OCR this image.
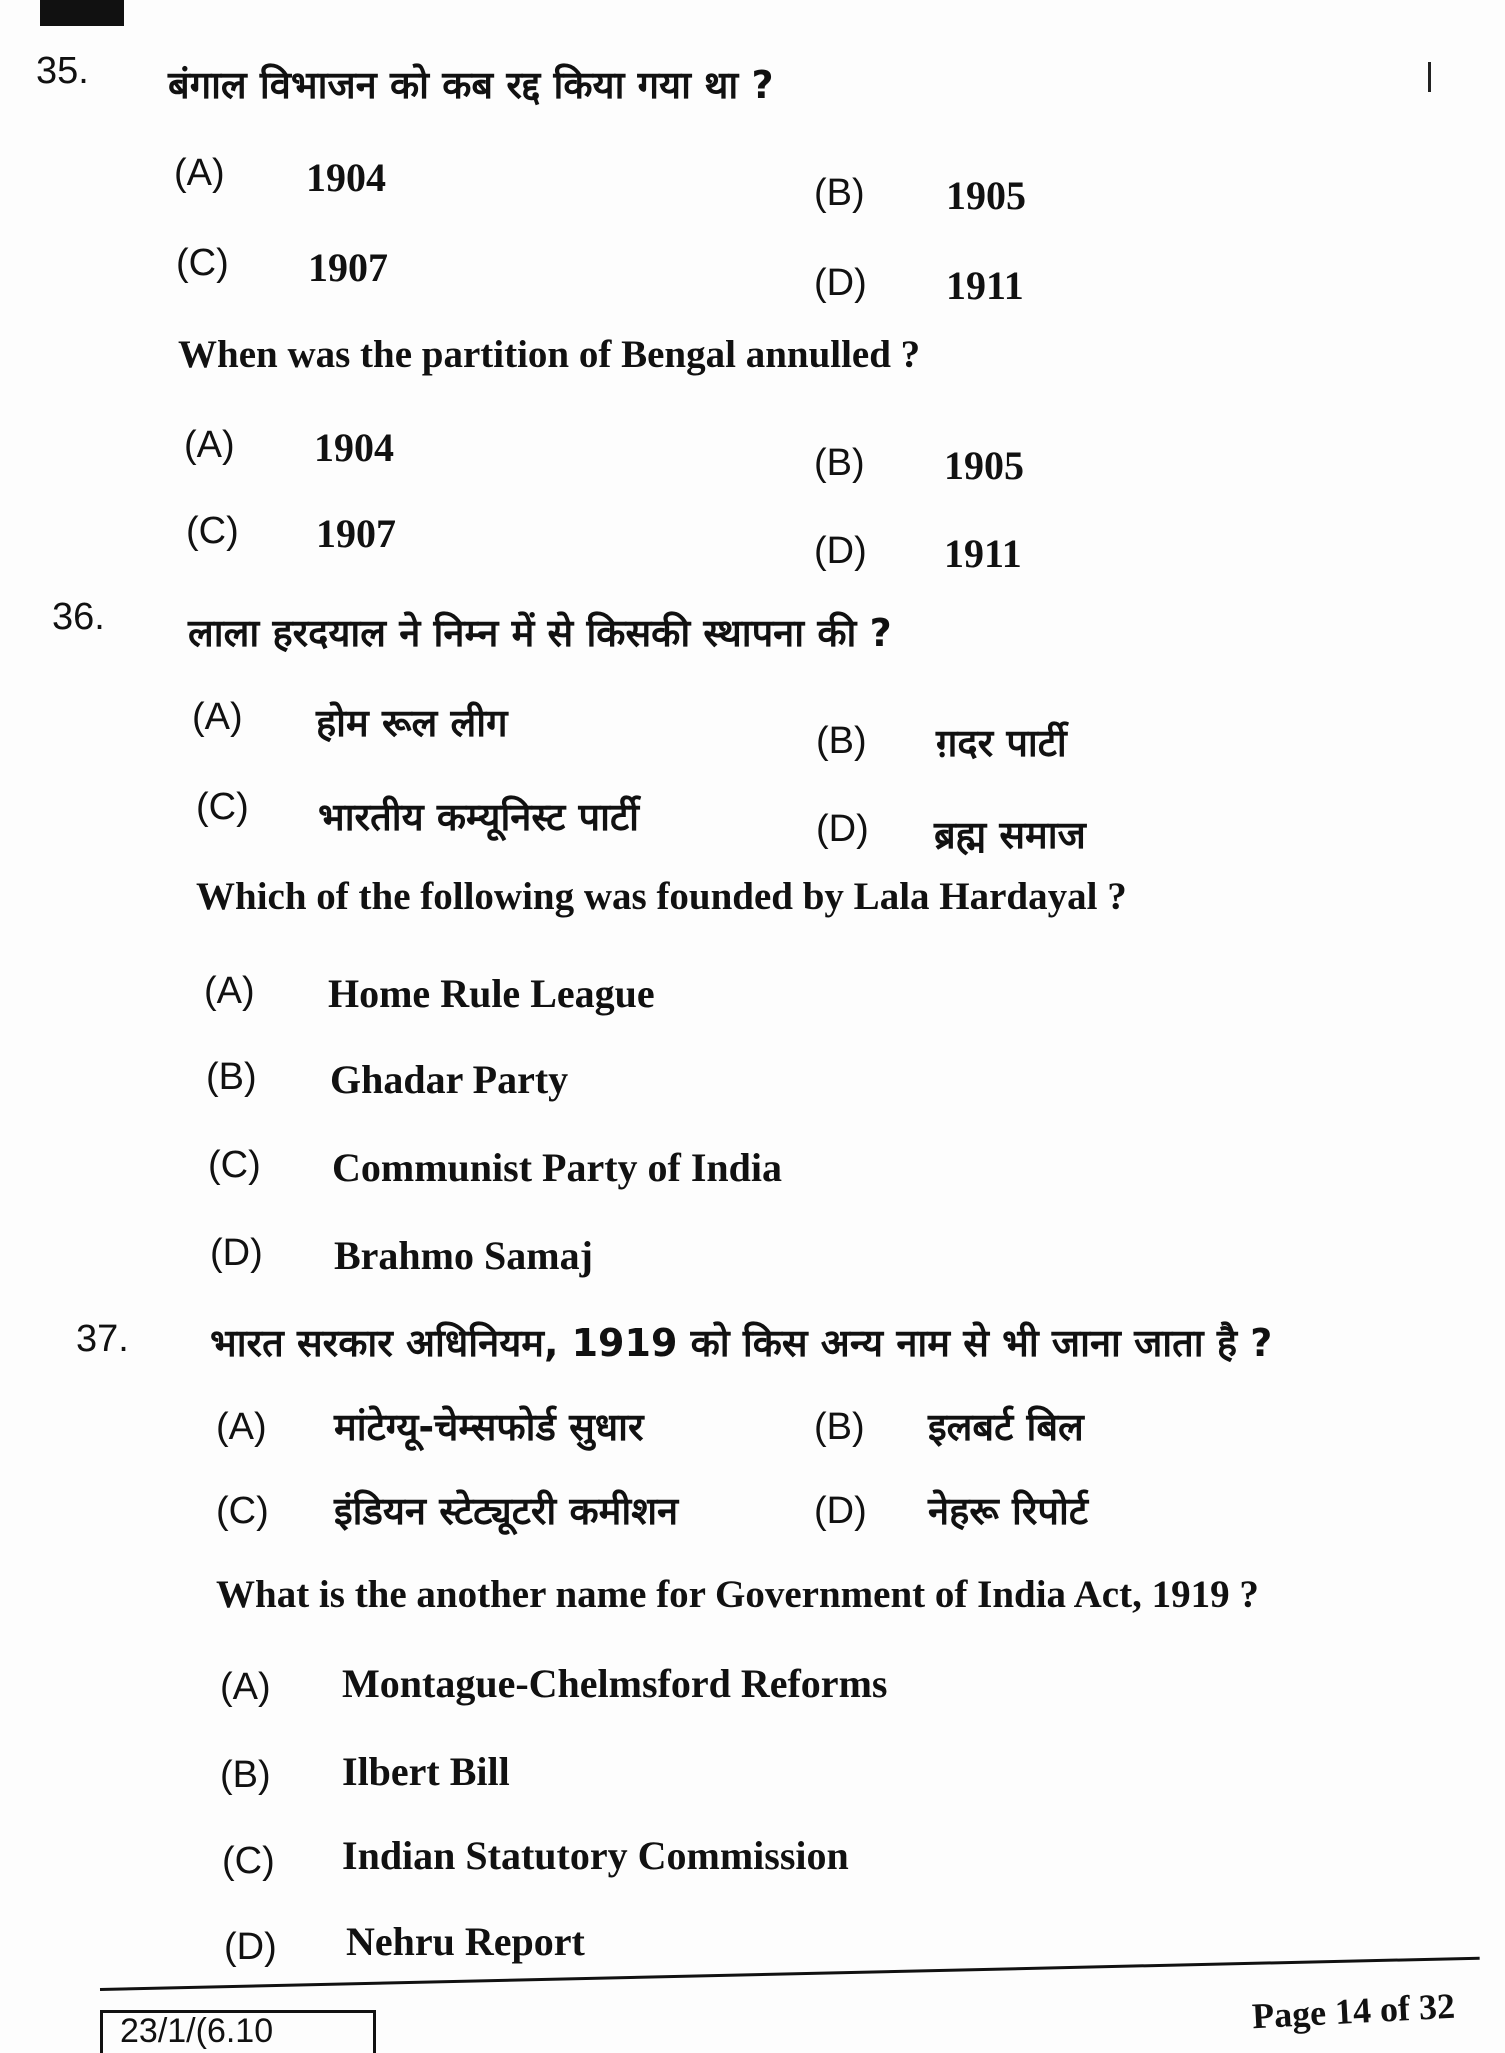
35. बंगाल विभाजन को कब रद्द किया गया था ?
(A) 1904	(B) 1905
(C) 1907	(D) 1911
When was the partition of Bengal annulled ?
(A) 1904	(B) 1905
(C) 1907	(D) 1911
36. लाला हरदयाल ने निम्न में से किसकी स्थापना की ?
(A) होम रूल लीग	(B) ग़दर पार्टी
(C) भारतीय कम्यूनिस्ट पार्टी	(D) ब्रह्म समाज
Which of the following was founded by Lala Hardayal ?
(A) Home Rule League
(B) Ghadar Party
(C) Communist Party of India
(D) Brahmo Samaj
37. भारत सरकार अधिनियम, 1919 को किस अन्य नाम से भी जाना जाता है ?
(A) मांटेग्यू-चेम्सफोर्ड सुधार	(B) इलबर्ट बिल
(C) इंडियन स्टेट्यूटरी कमीशन	(D) नेहरू रिपोर्ट
What is the another name for Government of India Act, 1919 ?
(A) Montague-Chelmsford Reforms
(B) Ilbert Bill
(C) Indian Statutory Commission
(D) Nehru Report
23/1/(6.10	Page 14 of 32
